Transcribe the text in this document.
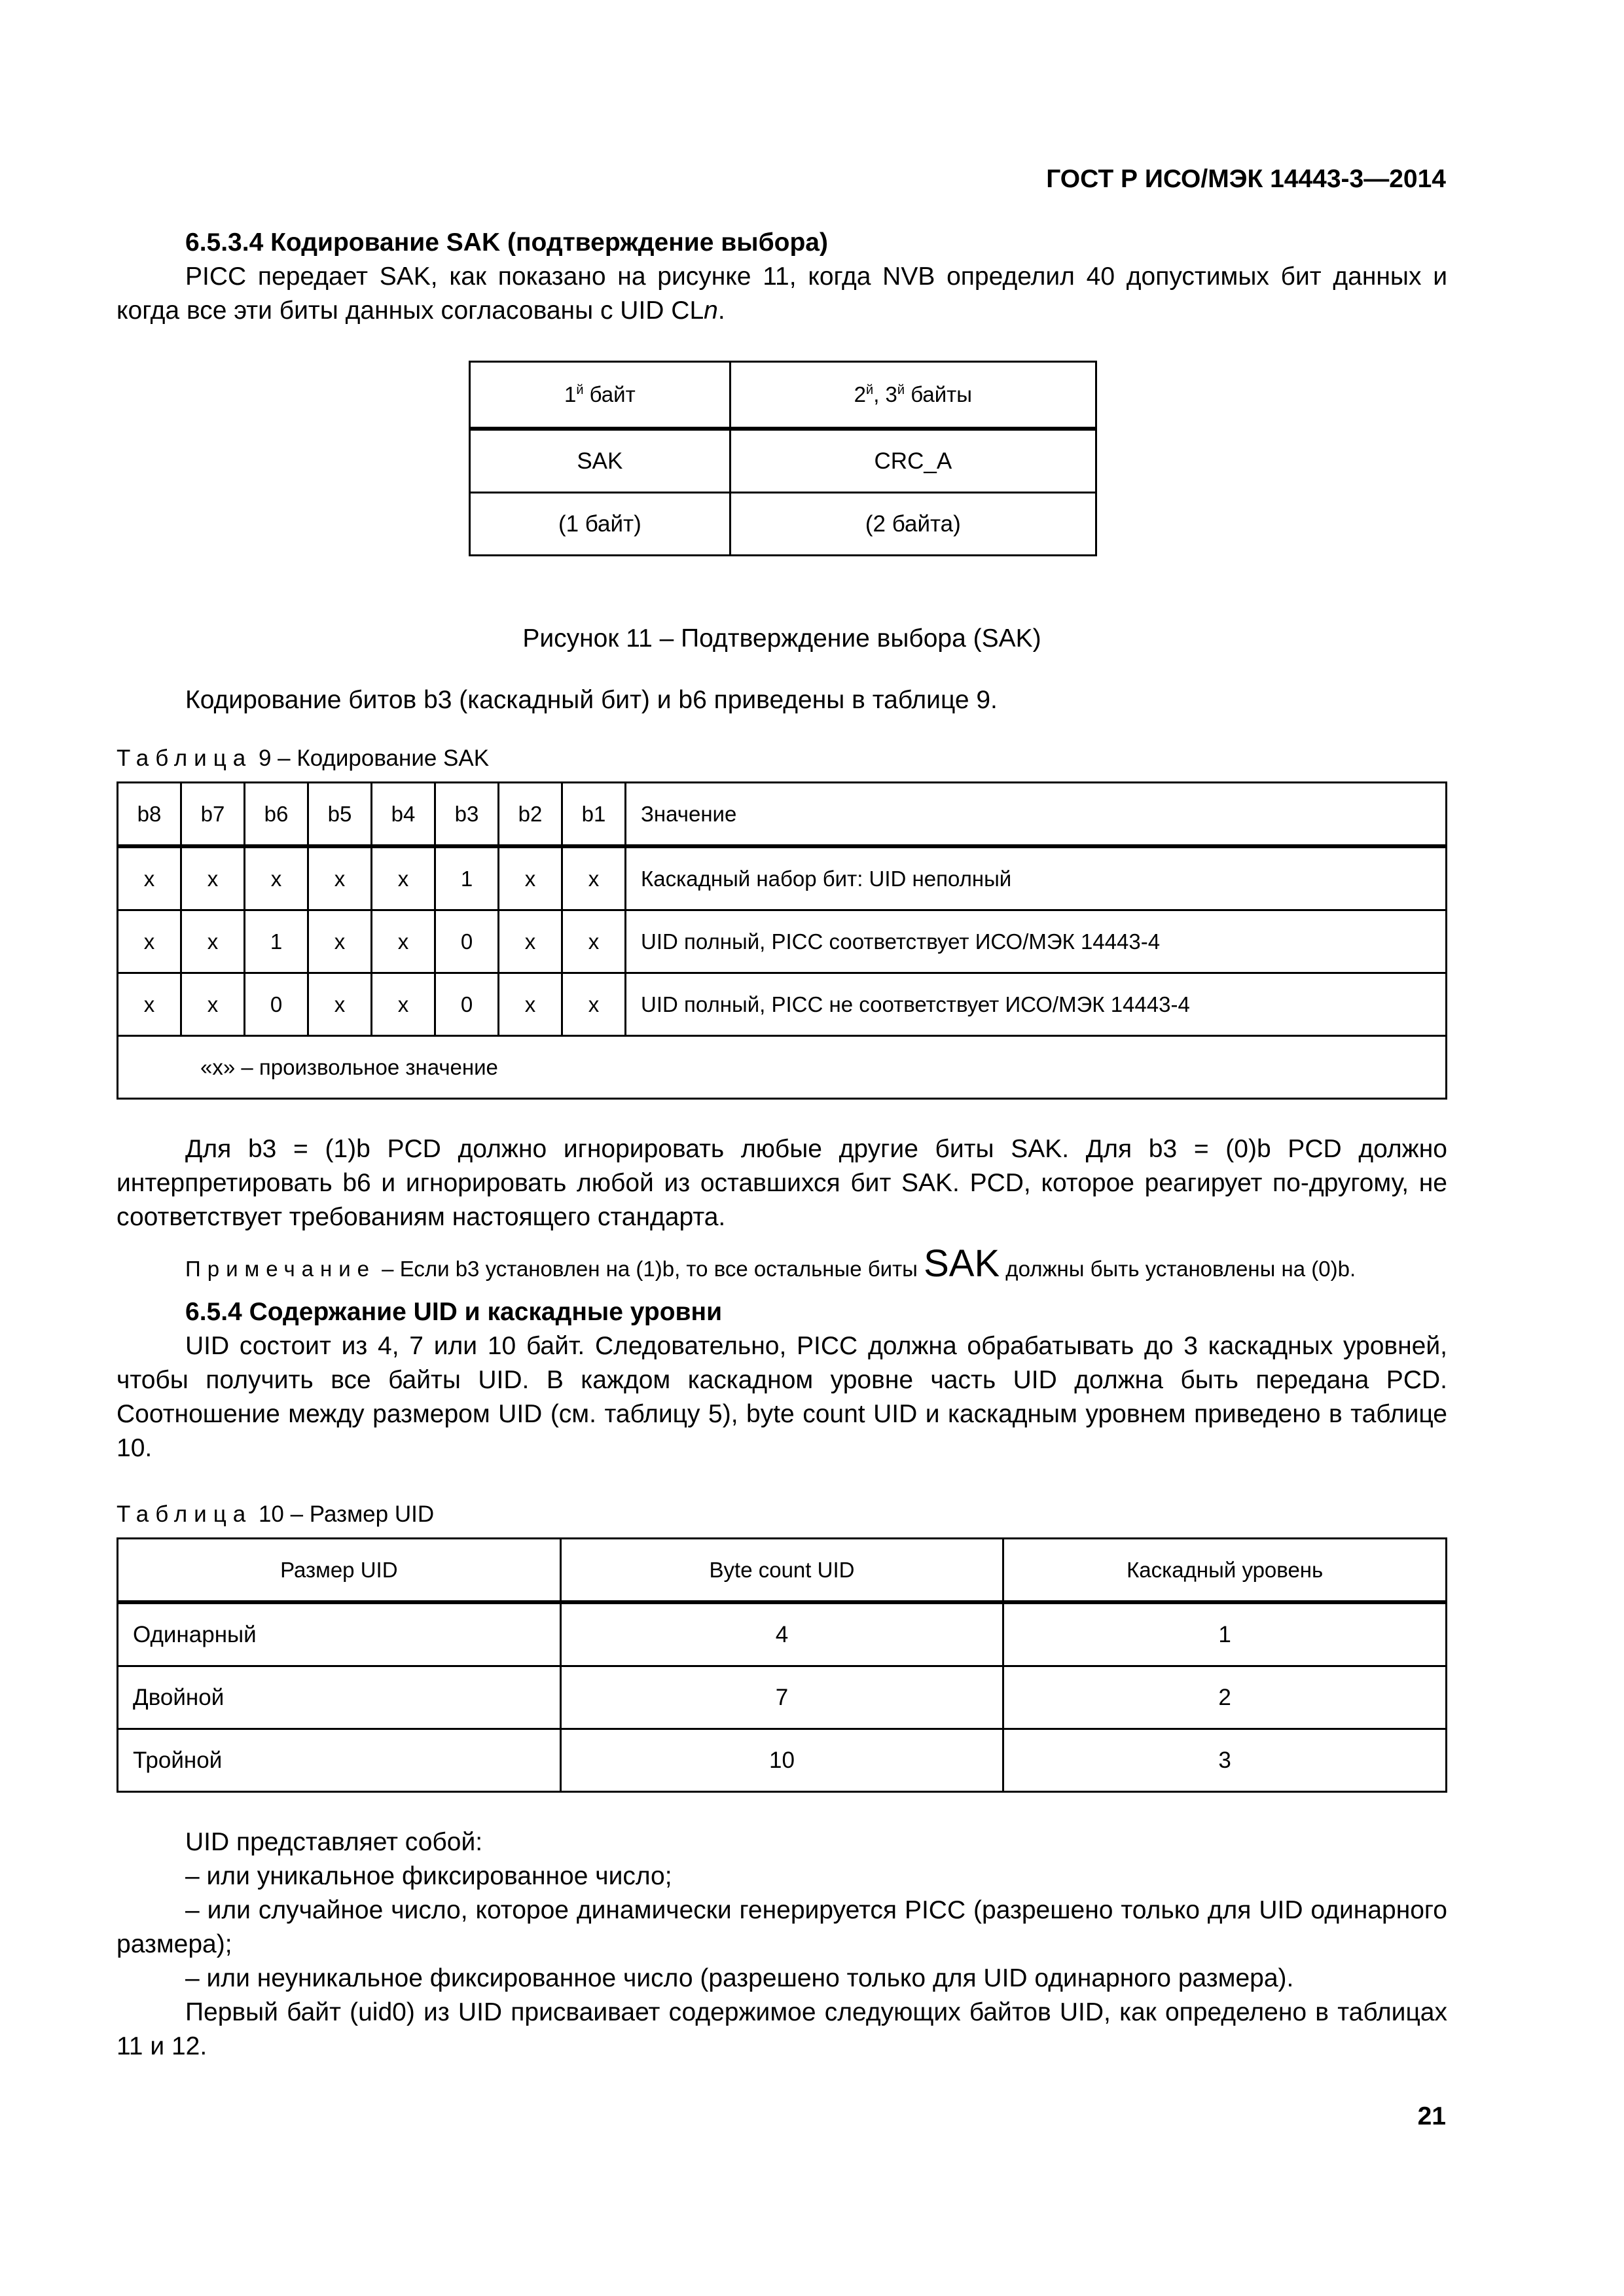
ГОСТ Р ИСО/МЭК 14443-3—2014

6.5.3.4 Кодирование SAK (подтверждение выбора)

PICC передает SAK, как показано на рисунке 11, когда NVB определил 40 допустимых бит данных и когда все эти биты данных согласованы с UID CLn.

$1^й$ байт	$2^й$, $3^й$ байты
SAK	CRC_A
(1 байт)	(2 байта)

Рисунок 11 – Подтверждение выбора (SAK)

Кодирование битов b3 (каскадный бит) и b6 приведены в таблице 9.

Таблица 9 – Кодирование SAK

b8	b7	b6	b5	b4	b3	b2	b1	Значение
x	x	x	x	x	1	x	x	Каскадный набор бит: UID неполный
x	x	1	x	x	0	x	x	UID полный, PICC соответствует ИСО/МЭК 14443-4
x	x	0	x	x	0	x	x	UID полный, PICC не соответствует ИСО/МЭК 14443-4
«x» – произвольное значение								

Для b3 = (1)b PCD должно игнорировать любые другие биты SAK. Для b3 = (0)b PCD должно интерпретировать b6 и игнорировать любой из оставшихся бит SAK. PCD, которое реагирует по-другому, не соответствует требованиям настоящего стандарта.

Примечание – Если b3 установлен на (1)b, то все остальные биты SAK должны быть установлены на (0)b.

6.5.4 Содержание UID и каскадные уровни

UID состоит из 4, 7 или 10 байт. Следовательно, PICC должна обрабатывать до 3 каскадных уровней, чтобы получить все байты UID. В каждом каскадном уровне часть UID должна быть передана PCD. Соотношение между размером UID (см. таблицу 5), byte count UID и каскадным уровнем приведено в таблице 10.

Таблица 10 – Размер UID

Размер UID	Byte count UID	Каскадный уровень
Одинарный	4	1
Двойной	7	2
Тройной	10	3

UID представляет собой:

– или уникальное фиксированное число;

– или случайное число, которое динамически генерируется PICC (разрешено только для UID одинарного размера);

– или неуникальное фиксированное число (разрешено только для UID одинарного размера).

Первый байт (uid0) из UID присваивает содержимое следующих байтов UID, как определено в таблицах 11 и 12.

21
